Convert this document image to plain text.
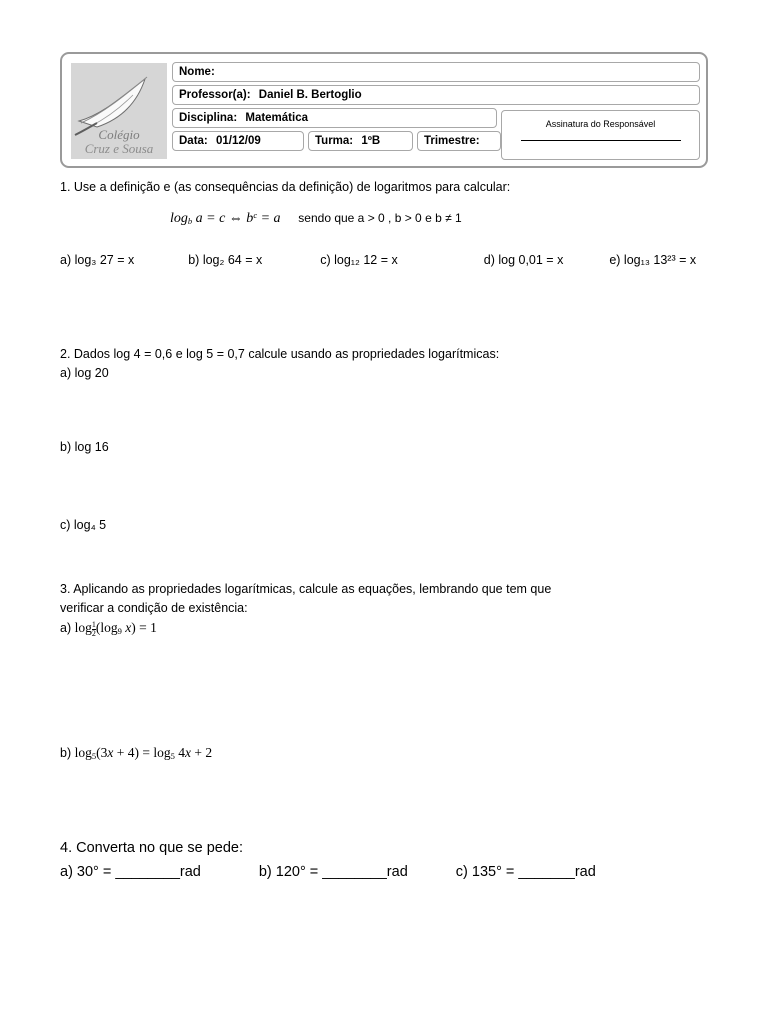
Colégio
Cruz e Sousa
Nome:
Professor(a): Daniel B. Bertoglio
Disciplina: Matemática
Data: 01/12/09	Turma: 1ºB	Trimestre:
Assinatura do Responsável

1. Use a definição e (as consequências da definição) de logaritmos para calcular:

$\log_b a = c$ ⇔ $b^c = a$ sendo que a > 0 , b > 0 e b ≠ 1
a) log₃ 27 = x	b) log₂ 64 = x	c) log₁₂ 12 = x	d) log 0,01 = x	e) log₁₃ 13²³ = x

2. Dados log 4 = 0,6 e log 5 = 0,7 calcule usando as propriedades logarítmicas:

a) log 20

b) log 16

c) log₄ 5

3. Aplicando as propriedades logarítmicas, calcule as equações, lembrando que tem que

verificar a condição de existência:

a) $\log \frac{1}{2} (\log_9$ x) = 1

b) $\log_5(3x + 4) = \log_5 4x + 2$

4. Converta no que se pede:

a) 30° = ________rad	b) 120° = ________rad	c) 135° = _______rad
